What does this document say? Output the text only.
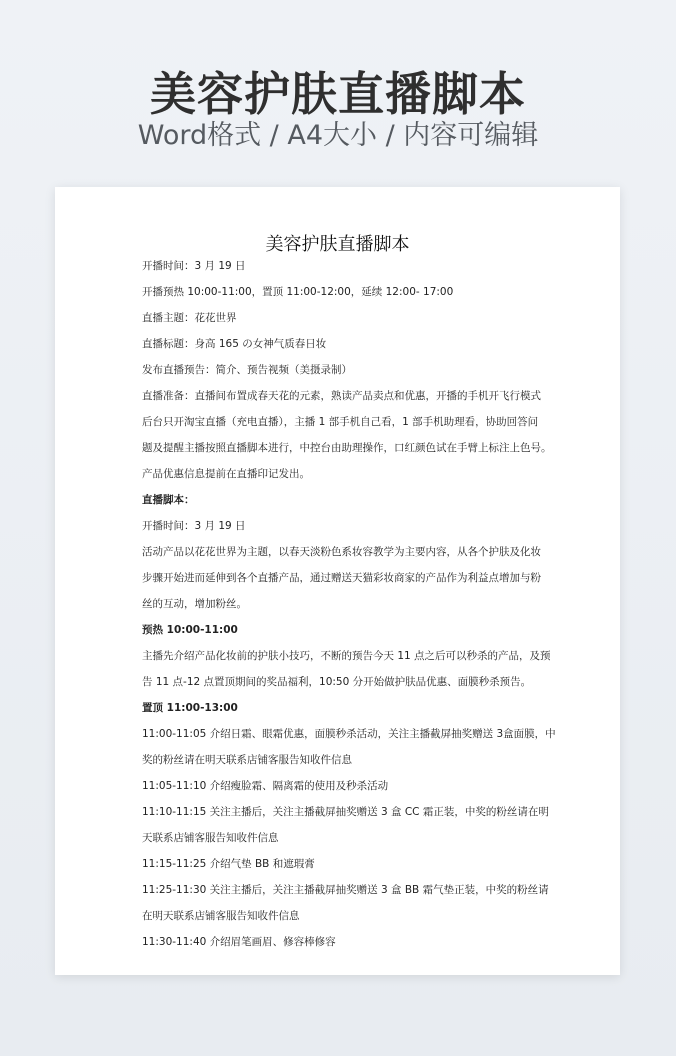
美容护肤直播脚本
Word格式 / A4大小 / 内容可编辑
美容护肤直播脚本

开播时间：3 月 19 日

开播预热 10:00-11:00，置顶 11:00-12:00，延续 12:00- 17:00

直播主题：花花世界

直播标题：身高 165 の女神气质春日妆

发布直播预告：简介、预告视频（美摄录制）

直播准备：直播间布置成春天花的元素，熟读产品卖点和优惠，开播的手机开飞行模式

后台只开淘宝直播（充电直播），主播 1 部手机自己看，1 部手机助理看，协助回答问

题及提醒主播按照直播脚本进行，中控台由助理操作，口红颜色试在手臂上标注上色号。

产品优惠信息提前在直播印记发出。

直播脚本：

开播时间：3 月 19 日

活动产品以花花世界为主题，以春天淡粉色系妆容教学为主要内容，从各个护肤及化妆

步骤开始进而延伸到各个直播产品，通过赠送天猫彩妆商家的产品作为利益点增加与粉

丝的互动，增加粉丝。

预热 10:00-11:00

主播先介绍产品化妆前的护肤小技巧，不断的预告今天 11 点之后可以秒杀的产品，及预

告 11 点-12 点置顶期间的奖品福利，10:50 分开始做护肤品优惠、面膜秒杀预告。

置顶 11:00-13:00

11:00-11:05 介绍日霜、眼霜优惠，面膜秒杀活动，关注主播截屏抽奖赠送 3盒面膜，中

奖的粉丝请在明天联系店铺客服告知收件信息

11:05-11:10 介绍瘦脸霜、隔离霜的使用及秒杀活动

11:10-11:15 关注主播后，关注主播截屏抽奖赠送 3 盒 CC 霜正装，中奖的粉丝请在明

天联系店铺客服告知收件信息

11:15-11:25 介绍气垫 BB 和遮瑕膏

11:25-11:30 关注主播后，关注主播截屏抽奖赠送 3 盒 BB 霜气垫正装，中奖的粉丝请

在明天联系店铺客服告知收件信息

11:30-11:40 介绍眉笔画眉、修容棒修容
